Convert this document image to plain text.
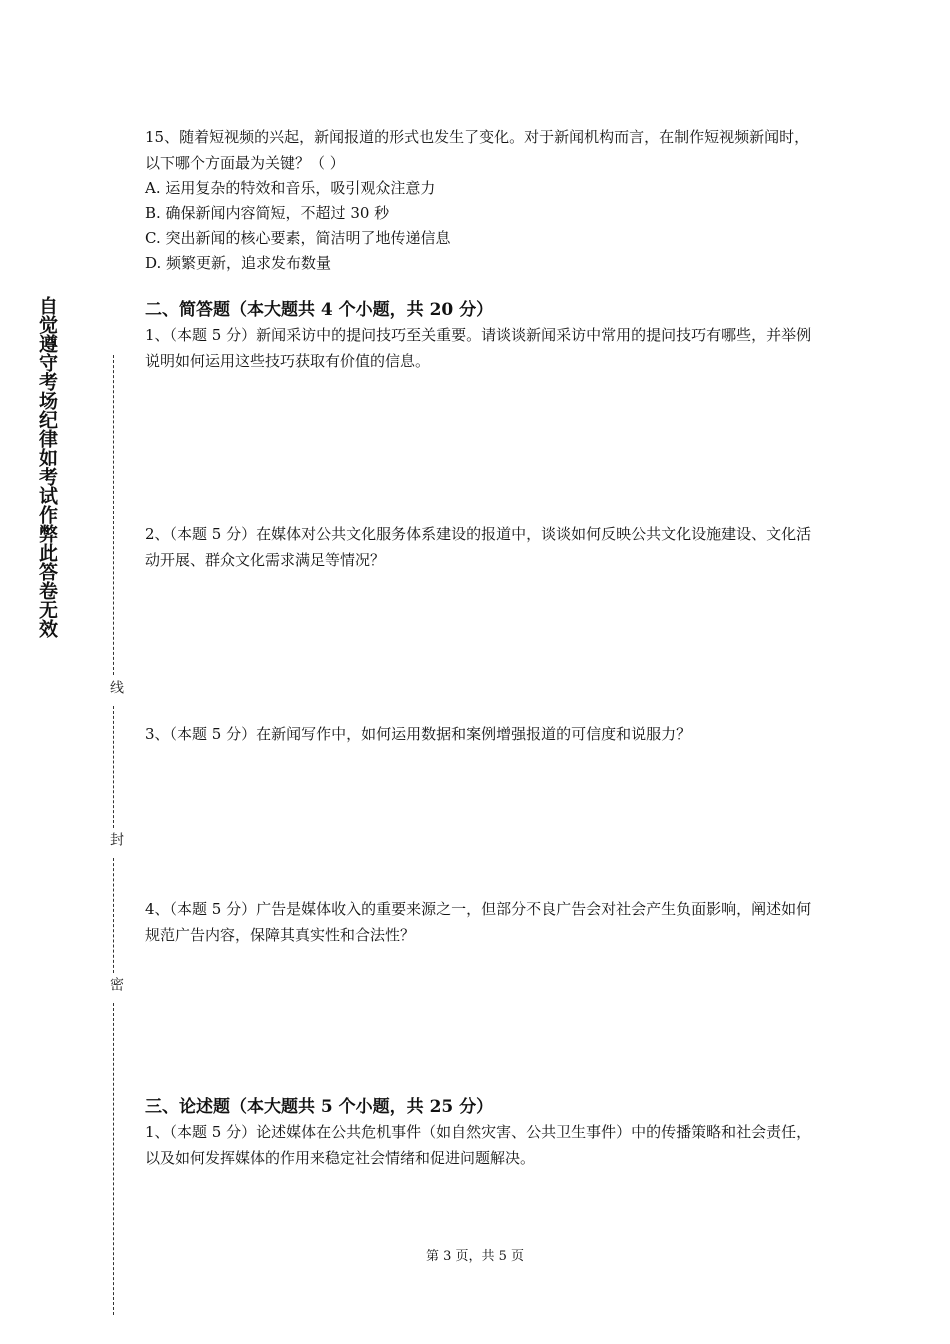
自觉遵守考场纪律如考试作弊此答卷无效
线
封
密

15、随着短视频的兴起，新闻报道的形式也发生了变化。对于新闻机构而言，在制作短视频新闻时，以下哪个方面最为关键？（ ）

A. 运用复杂的特效和音乐，吸引观众注意力

B. 确保新闻内容简短，不超过 30 秒

C. 突出新闻的核心要素，简洁明了地传递信息

D. 频繁更新，追求发布数量

二、简答题（本大题共 4 个小题，共 20 分）

1、（本题 5 分）新闻采访中的提问技巧至关重要。请谈谈新闻采访中常用的提问技巧有哪些，并举例说明如何运用这些技巧获取有价值的信息。

2、（本题 5 分）在媒体对公共文化服务体系建设的报道中，谈谈如何反映公共文化设施建设、文化活动开展、群众文化需求满足等情况？

3、（本题 5 分）在新闻写作中，如何运用数据和案例增强报道的可信度和说服力？

4、（本题 5 分）广告是媒体收入的重要来源之一，但部分不良广告会对社会产生负面影响，阐述如何规范广告内容，保障其真实性和合法性？

三、论述题（本大题共 5 个小题，共 25 分）

1、（本题 5 分）论述媒体在公共危机事件（如自然灾害、公共卫生事件）中的传播策略和社会责任，以及如何发挥媒体的作用来稳定社会情绪和促进问题解决。

第 3 页，共 5 页
